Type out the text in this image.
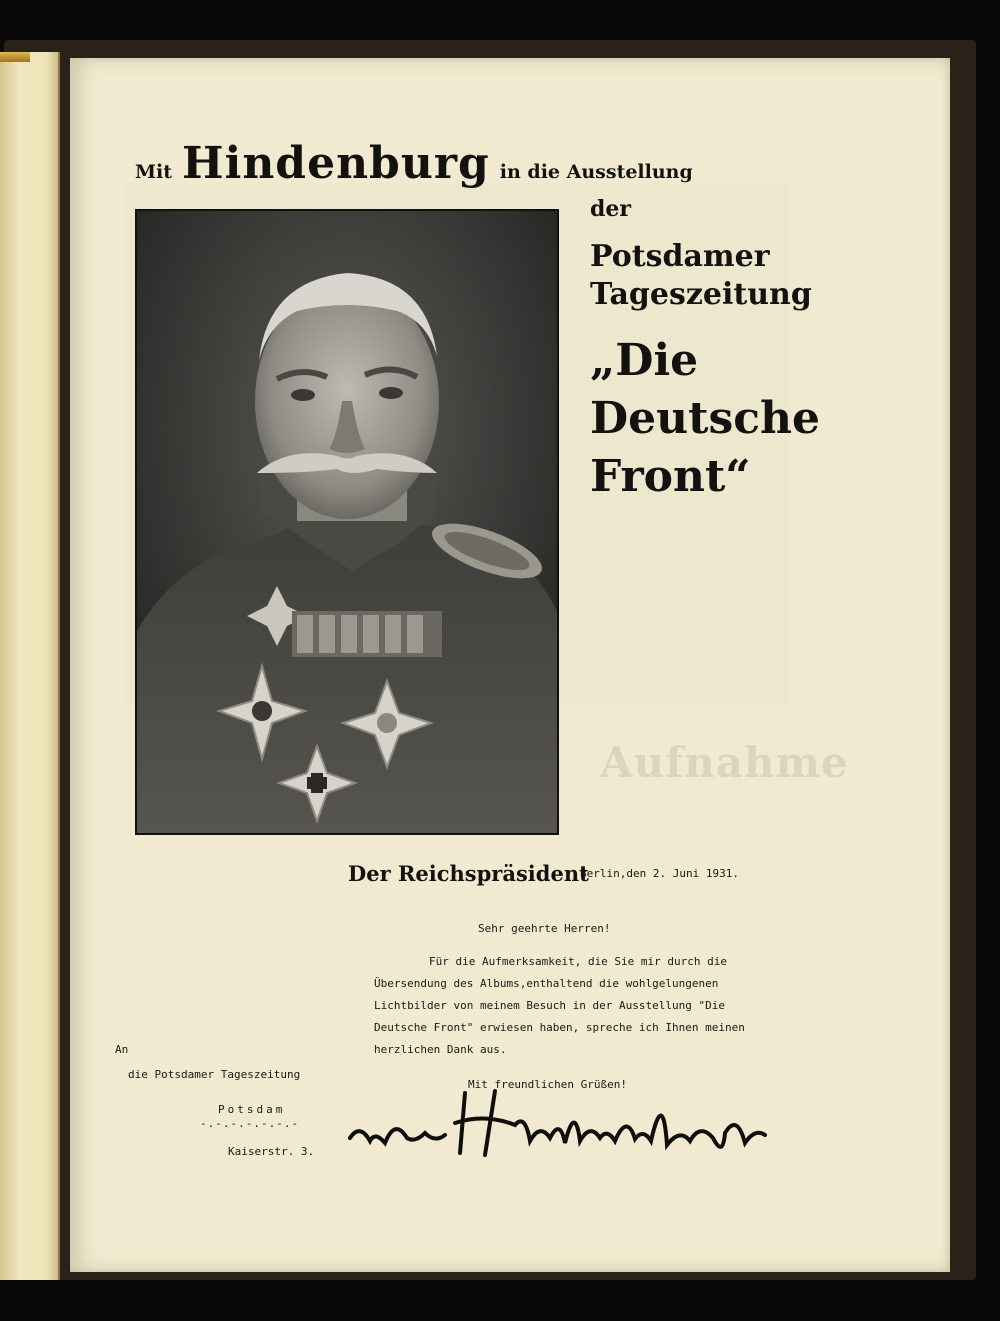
Aufnahme
Mit Hindenburg in die Ausstellung
der
Potsdamer
Tageszeitung
„Die
Deutsche
Front“
Der Reichspräsident
Berlin,den 2. Juni 1931.
Sehr geehrte Herren!
Für die Aufmerksamkeit, die Sie mir durch die
Übersendung des Albums,enthaltend die wohlgelungenen
Lichtbilder von meinem Besuch in der Ausstellung "Die
Deutsche Front" erwiesen haben, spreche ich Ihnen meinen
herzlichen Dank aus.
Mit freundlichen Grüßen!
An
die Potsdamer Tageszeitung
Potsdam
-.-.-.-.-.-.-
Kaiserstr. 3.
